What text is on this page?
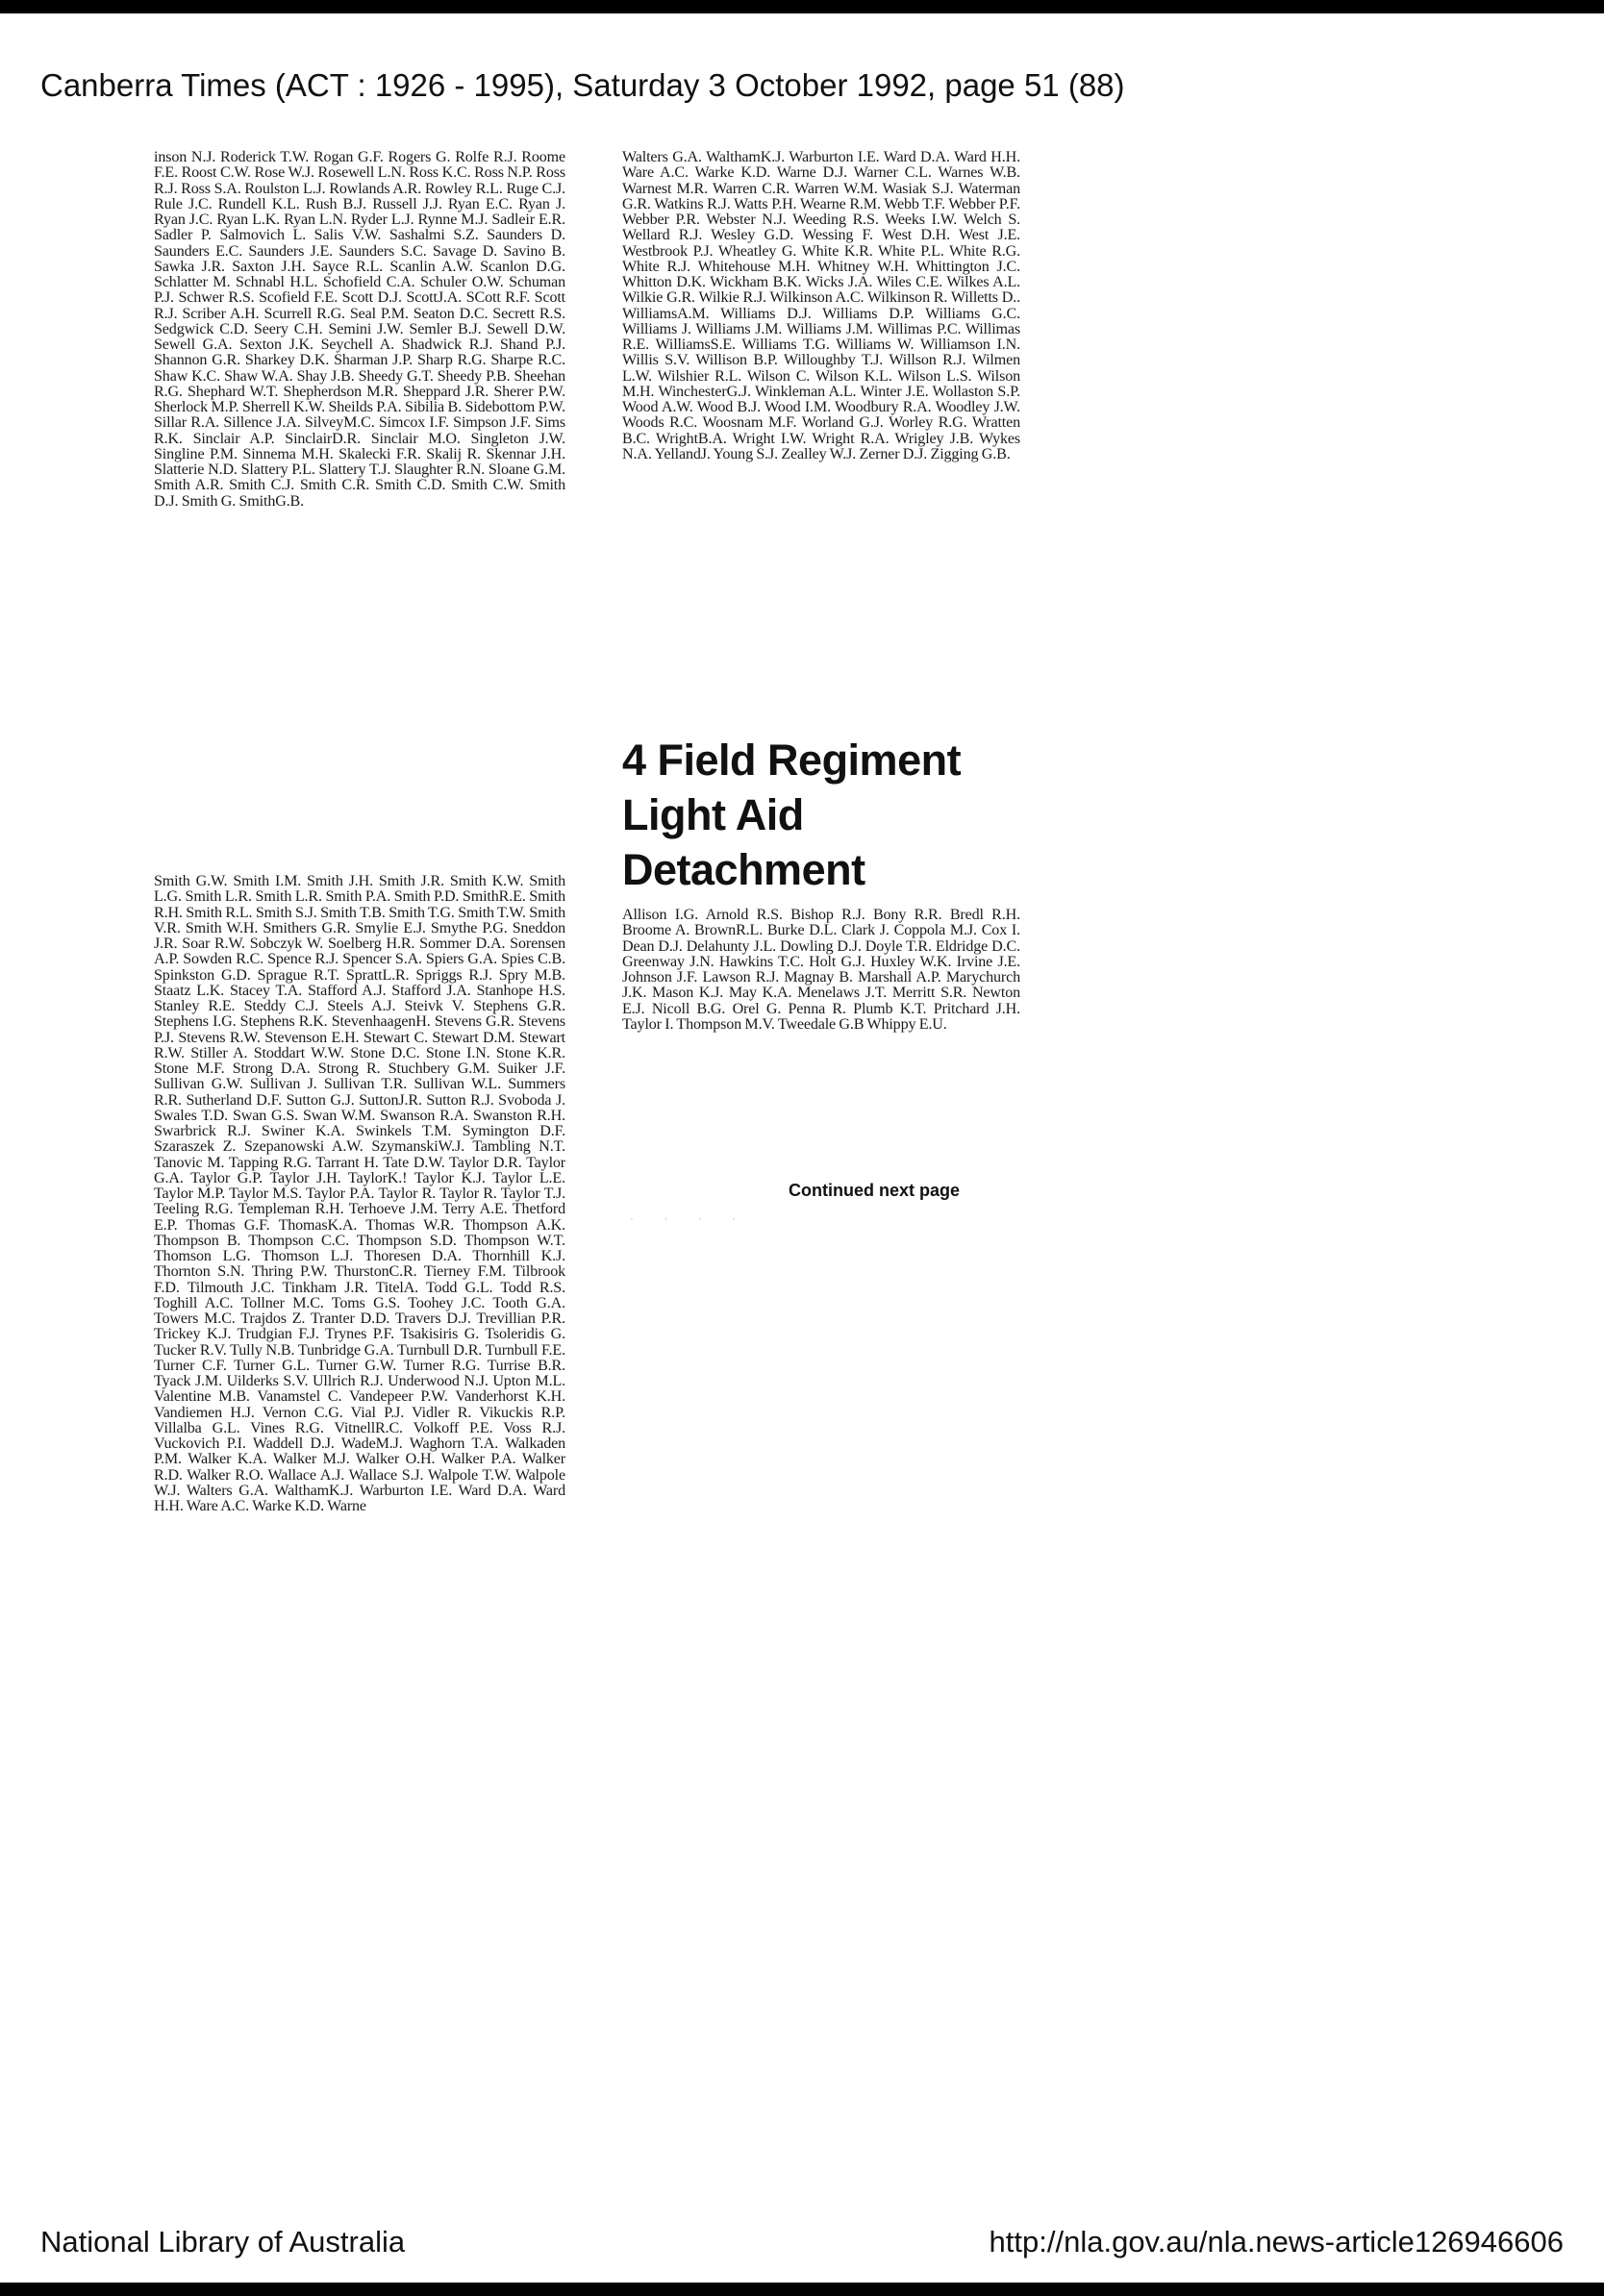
Canberra Times (ACT : 1926 - 1995), Saturday 3 October 1992, page 51 (88)
inson N.J. Roderick T.W. Rogan G.F. Rogers G. Rolfe R.J. Roome F.E. Roost C.W. Rose W.J. Rosewell L.N. Ross K.C. Ross N.P. Ross R.J. Ross S.A. Roulston L.J. Rowlands A.R. Rowley R.L. Ruge C.J. Rule J.C. Rundell K.L. Rush B.J. Russell J.J. Ryan E.C. Ryan J. Ryan J.C. Ryan L.K. Ryan L.N. Ryder L.J. Rynne M.J. Sadleir E.R. Sadler P. Salmovich L. Salis V.W. Sashalmi S.Z. Saunders D. Saunders E.C. Saunders J.E. Saunders S.C. Savage D. Savino B. Sawka J.R. Saxton J.H. Sayce R.L. Scanlin A.W. Scanlon D.G. Schlatter M. Schnabl H.L. Schofield C.A. Schuler O.W. Schuman P.J. Schwer R.S. Scofield F.E. Scott D.J. ScottJ.A. SCott R.F. Scott R.J. Scriber A.H. Scurrell R.G. Seal P.M. Seaton D.C. Secrett R.S. Sedgwick C.D. Seery C.H. Semini J.W. Semler B.J. Sewell D.W. Sewell G.A. Sexton J.K. Seychell A. Shadwick R.J. Shand P.J. Shannon G.R. Sharkey D.K. Sharman J.P. Sharp R.G. Sharpe R.C. Shaw K.C. Shaw W.A. Shay J.B. Sheedy G.T. Sheedy P.B. Sheehan R.G. Shephard W.T. Shepherdson M.R. Sheppard J.R. Sherer P.W. Sherlock M.P. Sherrell K.W. Sheilds P.A. Sibilia B. Sidebottom P.W. Sillar R.A. Sillence J.A. SilveyM.C. Simcox I.F. Simpson J.F. Sims R.K. Sinclair A.P. SinclairD.R. Sinclair M.O. Singleton J.W. Singline P.M. Sinnema M.H. Skalecki F.R. Skalij R. Skennar J.H. Slatterie N.D. Slattery P.L. Slattery T.J. Slaughter R.N. Sloane G.M. Smith A.R. Smith C.J. Smith C.R. Smith C.D. Smith C.W. Smith D.J. Smith G. SmithG.B.
Smith G.W. Smith I.M. Smith J.H. Smith J.R. Smith K.W. Smith L.G. Smith L.R. Smith L.R. Smith P.A. Smith P.D. SmithR.E. Smith R.H. Smith R.L. Smith S.J. Smith T.B. Smith T.G. Smith T.W. Smith V.R. Smith W.H. Smithers G.R. Smylie E.J. Smythe P.G. Sneddon J.R. Soar R.W. Sobczyk W. Soelberg H.R. Sommer D.A. Sorensen A.P. Sowden R.C. Spence R.J. Spencer S.A. Spiers G.A. Spies C.B. Spinkston G.D. Sprague R.T. SprattL.R. Spriggs R.J. Spry M.B. Staatz L.K. Stacey T.A. Stafford A.J. Stafford J.A. Stanhope H.S. Stanley R.E. Steddy C.J. Steels A.J. Steivk V. Stephens G.R. Stephens I.G. Stephens R.K. StevenhaagenH. Stevens G.R. Stevens P.J. Stevens R.W. Stevenson E.H. Stewart C. Stewart D.M. Stewart R.W. Stiller A. Stoddart W.W. Stone D.C. Stone I.N. Stone K.R. Stone M.F. Strong D.A. Strong R. Stuchbery G.M. Suiker J.F. Sullivan G.W. Sullivan J. Sullivan T.R. Sullivan W.L. Summers R.R. Sutherland D.F. Sutton G.J. SuttonJ.R. Sutton R.J. Svoboda J. Swales T.D. Swan G.S. Swan W.M. Swanson R.A. Swanston R.H. Swarbrick R.J. Swiner K.A. Swinkels T.M. Symington D.F. Szaraszek Z. Szepanowski A.W. SzymanskiW.J. Tambling N.T. Tanovic M. Tapping R.G. Tarrant H. Tate D.W. Taylor D.R. Taylor G.A. Taylor G.P. Taylor J.H. TaylorK.! Taylor K.J. Taylor L.E. Taylor M.P. Taylor M.S. Taylor P.A. Taylor R. Taylor R. Taylor T.J. Teeling R.G. Templeman R.H. Terhoeve J.M. Terry A.E. Thetford E.P. Thomas G.F. ThomasK.A. Thomas W.R. Thompson A.K. Thompson B. Thompson C.C. Thompson S.D. Thompson W.T. Thomson L.G. Thomson L.J. Thoresen D.A. Thornhill K.J. Thornton S.N. Thring P.W. ThurstonC.R. Tierney F.M. Tilbrook F.D. Tilmouth J.C. Tinkham J.R. TitelA. Todd G.L. Todd R.S. Toghill A.C. Tollner M.C. Toms G.S. Toohey J.C. Tooth G.A. Towers M.C. Trajdos Z. Tranter D.D. Travers D.J. Trevillian P.R. Trickey K.J. Trudgian F.J. Trynes P.F. Tsakisiris G. Tsoleridis G. Tucker R.V. Tully N.B. Tunbridge G.A. Turnbull D.R. Turnbull F.E. Turner C.F. Turner G.L. Turner G.W. Turner R.G. Turrise B.R. Tyack J.M. Uilderks S.V. Ullrich R.J. Underwood N.J. Upton M.L. Valentine M.B. Vanamstel C. Vandepeer P.W. Vanderhorst K.H. Vandiemen H.J. Vernon C.G. Vial P.J. Vidler R. Vikuckis R.P. Villalba G.L. Vines R.G. VitnellR.C. Volkoff P.E. Voss R.J. Vuckovich P.I. Waddell D.J. WadeM.J. Waghorn T.A. Walkaden P.M. Walker K.A. Walker M.J. Walker O.H. Walker P.A. Walker R.D. Walker R.O. Wallace A.J. Wallace S.J. Walpole T.W. Walpole W.J. Walters G.A. WalthamK.J. Warburton I.E. Ward D.A. Ward H.H. Ware A.C. Warke K.D. Warne
Walters G.A. WalthamK.J. Warburton I.E. Ward D.A. Ward H.H. Ware A.C. Warke K.D. Warne D.J. Warner C.L. Warnes W.B. Warnest M.R. Warren C.R. Warren W.M. Wasiak S.J. Waterman G.R. Watkins R.J. Watts P.H. Wearne R.M. Webb T.F. Webber P.F. Webber P.R. Webster N.J. Weeding R.S. Weeks I.W. Welch S. Wellard R.J. Wesley G.D. Wessing F. West D.H. West J.E. Westbrook P.J. Wheatley G. White K.R. White P.L. White R.G. White R.J. Whitehouse M.H. Whitney W.H. Whittington J.C. Whitton D.K. Wickham B.K. Wicks J.A. Wiles C.E. Wilkes A.L. Wilkie G.R. Wilkie R.J. Wilkinson A.C. Wilkinson R. Willetts D.. WilliamsA.M. Williams D.J. Williams D.P. Williams G.C. Williams J. Williams J.M. Williams J.M. Willimas P.C. Willimas R.E. WilliamsS.E. Williams T.G. Williams W. Williamson I.N. Willis S.V. Willison B.P. Willoughby T.J. Willson R.J. Wilmen L.W. Wilshier R.L. Wilson C. Wilson K.L. Wilson L.S. Wilson M.H. WinchesterG.J. Winkleman A.L. Winter J.E. Wollaston S.P. Wood A.W. Wood B.J. Wood I.M. Woodbury R.A. Woodley J.W. Woods R.C. Woosnam M.F. Worland G.J. Worley R.G. Wratten B.C. WrightB.A. Wright I.W. Wright R.A. Wrigley J.B. Wykes N.A. YellandJ. Young S.J. Zealley W.J. Zerner D.J. Zigging G.B.
4 Field Regiment
Light Aid
Detachment
Allison I.G. Arnold R.S. Bishop R.J. Bony R.R. Bredl R.H. Broome A. BrownR.L. Burke D.L. Clark J. Coppola M.J. Cox I. Dean D.J. Delahunty J.L. Dowling D.J. Doyle T.R. Eldridge D.C. Greenway J.N. Hawkins T.C. Holt G.J. Huxley W.K. Irvine J.E. Johnson J.F. Lawson R.J. Magnay B. Marshall A.P. Marychurch J.K. Mason K.J. May K.A. Menelaws J.T. Merritt S.R. Newton E.J. Nicoll B.G. Orel G. Penna R. Plumb K.T. Pritchard J.H. Taylor I. Thompson M.V. Tweedale G.B Whippy E.U.
Continued next page
· · · ·
National Library of Australia	http://nla.gov.au/nla.news-article126946606
